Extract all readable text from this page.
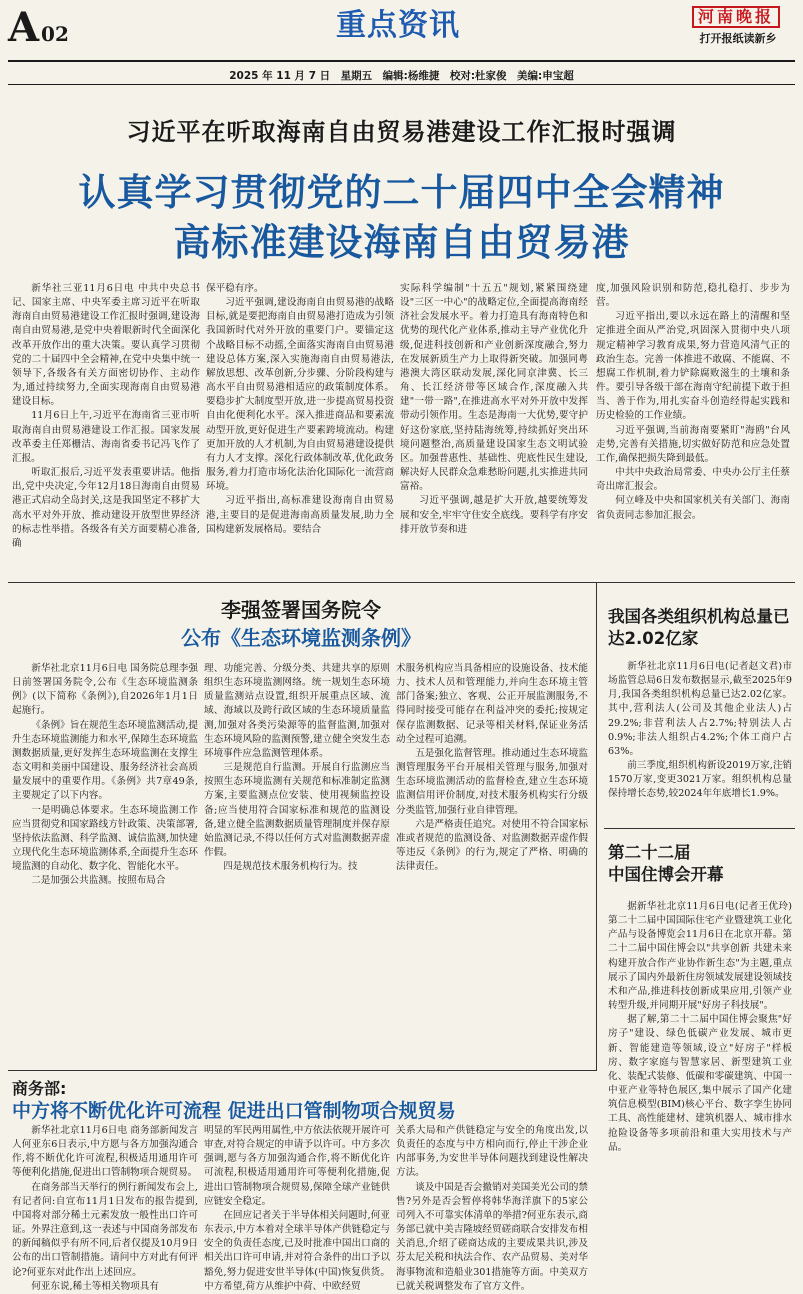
A 02	重点资讯	河南晚报
打开报纸读新乡
2025 年 11 月 7 日　星期五　编辑:杨维捷　校对:杜家俊　美编:申宝超
习近平在听取海南自由贸易港建设工作汇报时强调
认真学习贯彻党的二十届四中全会精神
高标准建设海南自由贸易港

新华社三亚11月6日电 中共中央总书记、国家主席、中央军委主席习近平在听取海南自由贸易港建设工作汇报时强调,建设海南自由贸易港,是党中央着眼新时代全面深化改革开放作出的重大决策。要认真学习贯彻党的二十届四中全会精神,在党中央集中统一领导下,各级各有关方面密切协作、主动作为,通过持续努力,全面实现海南自由贸易港建设目标。

11月6日上午,习近平在海南省三亚市听取海南自由贸易港建设工作汇报。国家发展改革委主任郑栅洁、海南省委书记冯飞作了汇报。

听取汇报后,习近平发表重要讲话。他指出,党中央决定,今年12月18日海南自由贸易港正式启动全岛封关,这是我国坚定不移扩大高水平对外开放、推动建设开放型世界经济的标志性举措。各级各有关方面要精心准备,确

保平稳有序。

习近平强调,建设海南自由贸易港的战略目标,就是要把海南自由贸易港打造成为引领我国新时代对外开放的重要门户。要锚定这个战略目标不动摇,全面落实海南自由贸易港建设总体方案,深入实施海南自由贸易港法,解放思想、改革创新,分步骤、分阶段构建与高水平自由贸易港相适应的政策制度体系。要稳步扩大制度型开放,进一步提高贸易投资自由化便利化水平。深入推进商品和要素流动型开放,更好促进生产要素跨境流动。构建更加开放的人才机制,为自由贸易港建设提供有力人才支撑。深化行政体制改革,优化政务服务,着力打造市场化法治化国际化一流营商环境。

习近平指出,高标准建设海南自由贸易港,主要目的是促进海南高质量发展,助力全国构建新发展格局。要结合

实际科学编制"十五五"规划,紧紧围绕建设"三区一中心"的战略定位,全面提高海南经济社会发展水平。着力打造具有海南特色和优势的现代化产业体系,推动主导产业优化升级,促进科技创新和产业创新深度融合,努力在发展新质生产力上取得新突破。加强同粤港澳大湾区联动发展,深化同京津冀、长三角、长江经济带等区域合作,深度融入共建"一带一路",在推进高水平对外开放中发挥带动引领作用。生态是海南一大优势,要守护好这份家底,坚持陆海统筹,持续抓好突出环境问题整治,高质量建设国家生态文明试验区。加强普惠性、基础性、兜底性民生建设,解决好人民群众急难愁盼问题,扎实推进共同富裕。

习近平强调,越是扩大开放,越要统筹发展和安全,牢牢守住安全底线。要科学有序安排开放节奏和进

度,加强风险识别和防范,稳扎稳打、步步为营。

习近平指出,要以永远在路上的清醒和坚定推进全面从严治党,巩固深入贯彻中央八项规定精神学习教育成果,努力营造风清气正的政治生态。完善一体推进不敢腐、不能腐、不想腐工作机制,着力铲除腐败滋生的土壤和条件。要引导各级干部在海南守纪前提下敢于担当、善于作为,用扎实奋斗创造经得起实践和历史检验的工作业绩。

习近平强调,当前海南要紧盯"海鸥"台风走势,完善有关措施,切实做好防范和应急处置工作,确保把损失降到最低。

中共中央政治局常委、中央办公厅主任蔡奇出席汇报会。

何立峰及中央和国家机关有关部门、海南省负责同志参加汇报会。

李强签署国务院令
公布《生态环境监测条例》

新华社北京11月6日电 国务院总理李强日前签署国务院令,公布《生态环境监测条例》(以下简称《条例》),自2026年1月1日起施行。

《条例》旨在规范生态环境监测活动,提升生态环境监测能力和水平,保障生态环境监测数据质量,更好发挥生态环境监测在支撑生态文明和美丽中国建设、服务经济社会高质量发展中的重要作用。《条例》共7章49条,主要规定了以下内容。

一是明确总体要求。生态环境监测工作应当贯彻党和国家路线方针政策、决策部署,坚持依法监测、科学监测、诚信监测,加快建立现代化生态环境监测体系,全面提升生态环境监测的自动化、数字化、智能化水平。

二是加强公共监测。按照布局合

理、功能完善、分级分类、共建共享的原则组织生态环境监测网络。统一规划生态环境质量监测站点设置,组织开展重点区域、流域、海域以及跨行政区域的生态环境质量监测,加强对各类污染源等的监督监测,加强对生态环境风险的监测预警,建立健全突发生态环境事件应急监测管理体系。

三是规范自行监测。开展自行监测应当按照生态环境监测有关规范和标准制定监测方案,主要监测点位安装、使用视频监控设备;应当使用符合国家标准和规范的监测设备,建立健全监测数据质量管理制度并保存原始监测记录,不得以任何方式对监测数据弄虚作假。

四是规范技术服务机构行为。技

术服务机构应当具备相应的设施设备、技术能力、技术人员和管理能力,并向生态环境主管部门备案;独立、客观、公正开展监测服务,不得同时接受可能存在利益冲突的委托;按规定保存监测数据、记录等相关材料,保证业务活动全过程可追溯。

五是强化监督管理。推动通过生态环境监测管理服务平台开展相关管理与服务,加强对生态环境监测活动的监督检查,建立生态环境监测信用评价制度,对技术服务机构实行分级分类监管,加强行业自律管理。

六是严格责任追究。对使用不符合国家标准或者规范的监测设备、对监测数据弄虚作假等违反《条例》的行为,规定了严格、明确的法律责任。

我国各类组织机构总量已达2.02亿家

新华社北京11月6日电(记者赵文君)市场监管总局6日发布数据显示,截至2025年9月,我国各类组织机构总量已达2.02亿家。其中,营利法人(公司及其他企业法人)占29.2%;非营利法人占2.7%;特别法人占0.9%;非法人组织占4.2%;个体工商户占63%。

前三季度,组织机构新设2019万家,注销1570万家,变更3021万家。组织机构总量保持增长态势,较2024年年底增长1.9%。

第二十二届
中国住博会开幕

据新华社北京11月6日电(记者王优玲)第二十二届中国国际住宅产业暨建筑工业化产品与设备博览会11月6日在北京开幕。第二十二届中国住博会以"共享创新 共建未来 构建开放合作产业协作新生态"为主题,重点展示了国内外最新住房领域发展建设领域技术和产品,推进科技创新成果应用,引领产业转型升级,并同期开展"好房子科技展"。

据了解,第二十二届中国住博会聚焦"好房子"建设、绿色低碳产业发展、城市更新、智能建造等领域,设立"好房子"样板房、数字家庭与智慧家居、新型建筑工业化、装配式装修、低碳和零碳建筑、中国一中亚产业等特色展区,集中展示了国产化建筑信息模型(BIM)核心平台、数字孪生协同工具、高性能建材、建筑机器人、城市排水抢险设备等多项前沿和重大实用技术与产品。

商务部:
中方将不断优化许可流程 促进出口管制物项合规贸易

新华社北京11月6日电 商务部新闻发言人何亚东6日表示,中方愿与各方加强沟通合作,将不断优化许可流程,积极适用通用许可等便利化措施,促进出口管制物项合规贸易。

在商务部当天举行的例行新闻发布会上,有记者问:自宣布11月1日发布的报告提到,中国将对部分稀土元素发放一般性出口许可证。外界注意到,这一表述与中国商务部发布的新闻稿似乎有所不同,后者仅提及10月9日公布的出口管制措施。请问中方对此有何评论?何亚东对此作出上述回应。

何亚东说,稀土等相关物项具有

明显的军民两用属性,中方依法依规开展许可审查,对符合规定的申请予以许可。中方多次强调,愿与各方加强沟通合作,将不断优化许可流程,积极适用通用许可等便利化措施,促进出口管制物项合规贸易,保障全球产业链供应链安全稳定。

在回应记者关于半导体相关问题时,何亚东表示,中方本着对全球半导体产供链稳定与安全的负责任态度,已及时批准中国出口商的相关出口许可申请,并对符合条件的出口予以豁免,努力促进安世半导体(中国)恢复供货。中方希望,荷方从维护中荷、中欧经贸

关系大局和产供链稳定与安全的角度出发,以负责任的态度与中方相向而行,停止干涉企业内部事务,为安世半导体问题找到建设性解决方法。

谈及中国是否会撤销对美国美光公司的禁售?另外是否会暂停将韩华海洋旗下的5家公司列入不可靠实体清单的举措?何亚东表示,商务部已就中美吉隆坡经贸磋商联合安排发布相关消息,介绍了磋商达成的主要成果共识,涉及芬太尼关税和执法合作、农产品贸易、美对华海事物流和造船业301措施等方面。中美双方已就关税调整发布了官方文件。
